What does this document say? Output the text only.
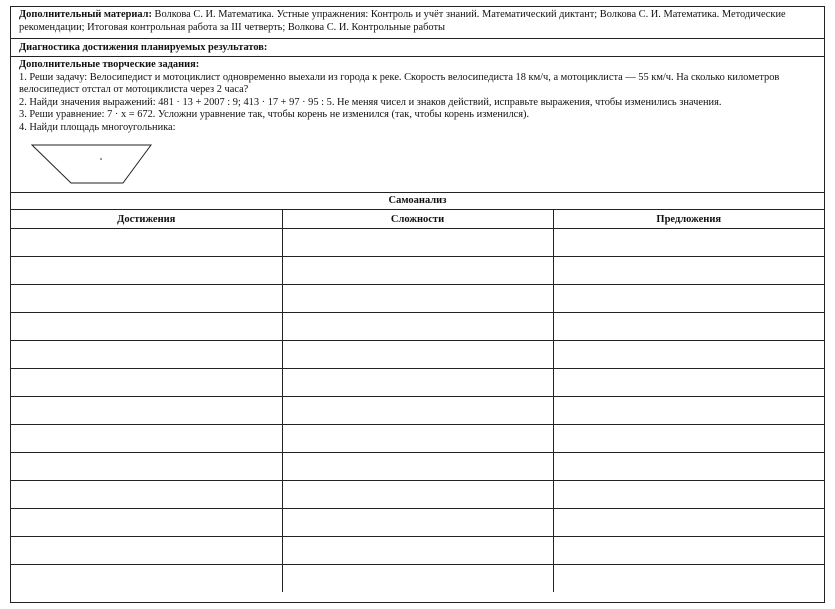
Дополнительный материал: Волкова С. И. Математика. Устные упражнения: Контроль и учёт знаний. Математический диктант; Волкова С. И. Математика. Методические рекомендации; Итоговая контрольная работа за III четверть; Волкова С. И. Контрольные работы
Диагностика достижения планируемых результатов:
Дополнительные творческие задания:

1. Реши задачу: Велосипедист и мотоциклист одновременно выехали из города к реке. Скорость велосипедиста 18 км/ч, а мотоциклиста — 55 км/ч. На сколько километров велосипедист отстал от мотоциклиста через 2 часа?

2. Найди значения выражений: 481 · 13 + 2007 : 9; 413 · 17 + 97 · 95 : 5. Не меняя чисел и знаков действий, исправьте выражения, чтобы изменились значения.

3. Реши уравнение: 7 · x = 672. Усложни уравнение так, чтобы корень не изменился (так, чтобы корень изменился).

4. Найди площадь многоугольника:

Самоанализ
Достижения	Сложности	Предложения
